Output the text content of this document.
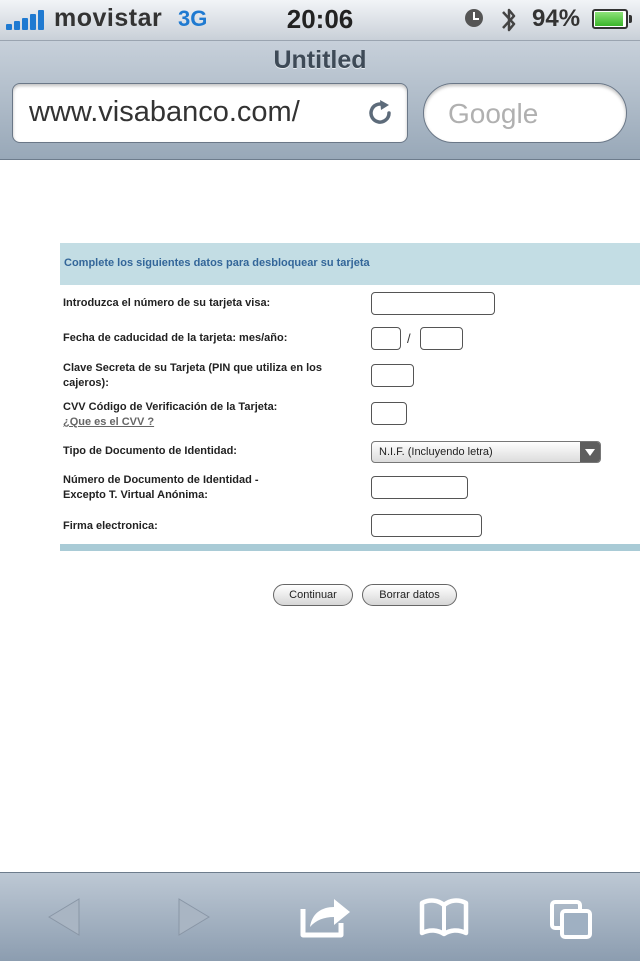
movistar 3G	20:06	94%
Untitled
www.visabanco.com/	Google
Complete los siguientes datos para desbloquear su tarjeta
Introduzca el número de su tarjeta visa:
Fecha de caducidad de la tarjeta: mes/año:	/
Clave Secreta de su Tarjeta (PIN que utiliza en los cajeros):
CVV Código de Verificación de la Tarjeta:
¿Que es el CVV ?
Tipo de Documento de Identidad:	N.I.F. (Incluyendo letra)
Número de Documento de Identidad - Excepto T. Virtual Anónima:
Firma electronica:
Continuar	Borrar datos
